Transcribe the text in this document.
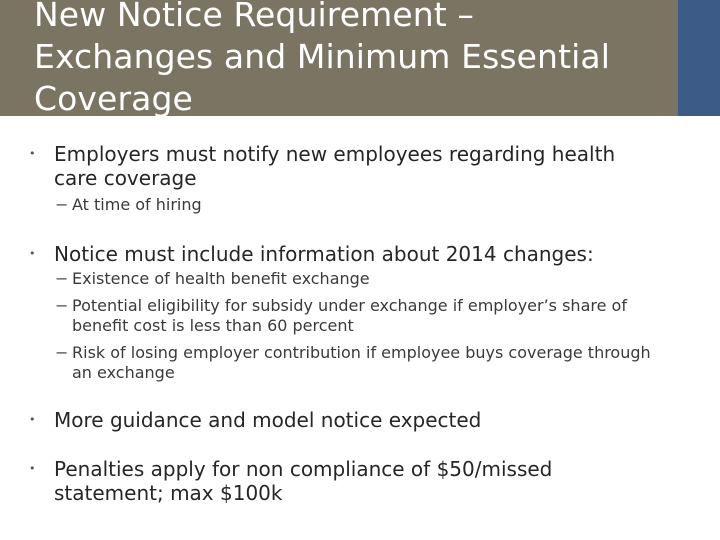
New Notice Requirement –
Exchanges and Minimum Essential
Coverage
• Employers must notify new employees regarding health care coverage
− At time of hiring
• Notice must include information about 2014 changes:
− Existence of health benefit exchange
− Potential eligibility for subsidy under exchange if employer’s share of benefit cost is less than 60 percent
− Risk of losing employer contribution if employee buys coverage through an exchange
• More guidance and model notice expected
• Penalties apply for non compliance of $50/missed statement; max $100k
